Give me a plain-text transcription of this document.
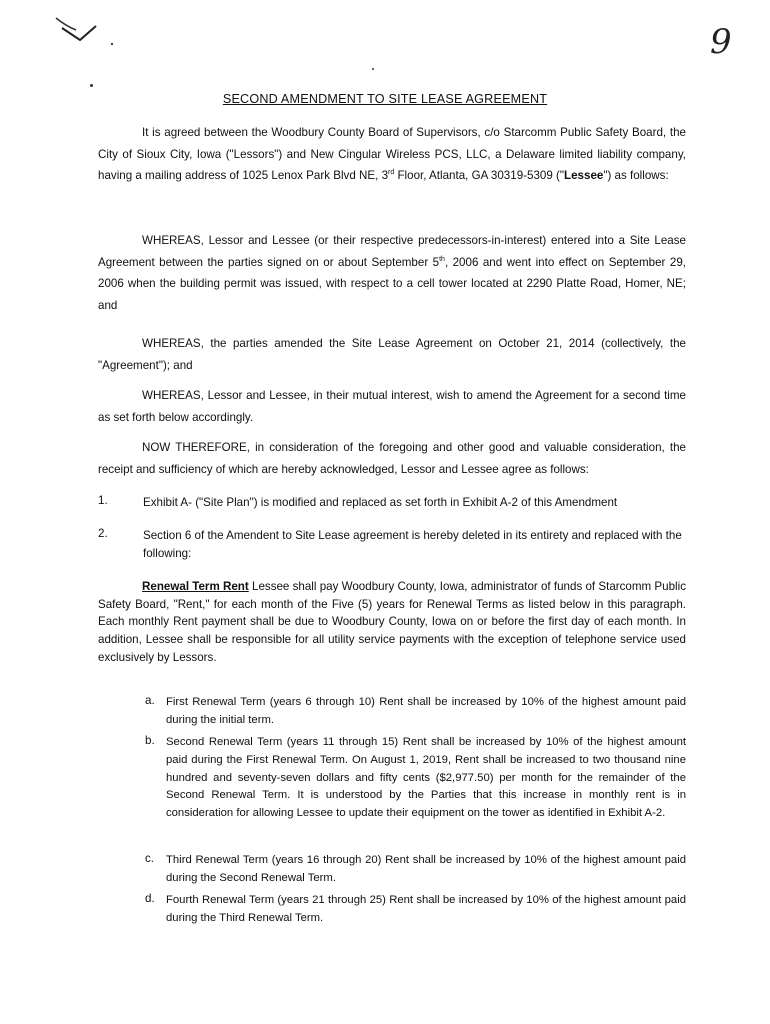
9
SECOND AMENDMENT TO SITE LEASE AGREEMENT
It is agreed between the Woodbury County Board of Supervisors, c/o Starcomm Public Safety Board, the City of Sioux City, Iowa ("Lessors") and New Cingular Wireless PCS, LLC, a Delaware limited liability company, having a mailing address of 1025 Lenox Park Blvd NE, 3rd Floor, Atlanta, GA 30319-5309 ("Lessee") as follows:
WHEREAS, Lessor and Lessee (or their respective predecessors-in-interest) entered into a Site Lease Agreement between the parties signed on or about September 5th, 2006 and went into effect on September 29, 2006 when the building permit was issued, with respect to a cell tower located at 2290 Platte Road, Homer, NE; and
WHEREAS, the parties amended the Site Lease Agreement on October 21, 2014 (collectively, the "Agreement"); and
WHEREAS, Lessor and Lessee, in their mutual interest, wish to amend the Agreement for a second time as set forth below accordingly.
NOW THEREFORE, in consideration of the foregoing and other good and valuable consideration, the receipt and sufficiency of which are hereby acknowledged, Lessor and Lessee agree as follows:
1.	Exhibit A- ("Site Plan") is modified and replaced as set forth in Exhibit A-2 of this Amendment
2.	Section 6 of the Amendent to Site Lease agreement is hereby deleted in its entirety and replaced with the following:
Renewal Term Rent Lessee shall pay Woodbury County, Iowa, administrator of funds of Starcomm Public Safety Board, "Rent," for each month of the Five (5) years for Renewal Terms as listed below in this paragraph. Each monthly Rent payment shall be due to Woodbury County, Iowa on or before the first day of each month. In addition, Lessee shall be responsible for all utility service payments with the exception of telephone service used exclusively by Lessors.
a. First Renewal Term (years 6 through 10) Rent shall be increased by 10% of the highest amount paid during the initial term.
b. Second Renewal Term (years 11 through 15) Rent shall be increased by 10% of the highest amount paid during the First Renewal Term. On August 1, 2019, Rent shall be increased to two thousand nine hundred and seventy-seven dollars and fifty cents ($2,977.50) per month for the remainder of the Second Renewal Term. It is understood by the Parties that this increase in monthly rent is in consideration for allowing Lessee to update their equipment on the tower as identified in Exhibit A-2.
c. Third Renewal Term (years 16 through 20) Rent shall be increased by 10% of the highest amount paid during the Second Renewal Term.
d. Fourth Renewal Term (years 21 through 25) Rent shall be increased by 10% of the highest amount paid during the Third Renewal Term.
